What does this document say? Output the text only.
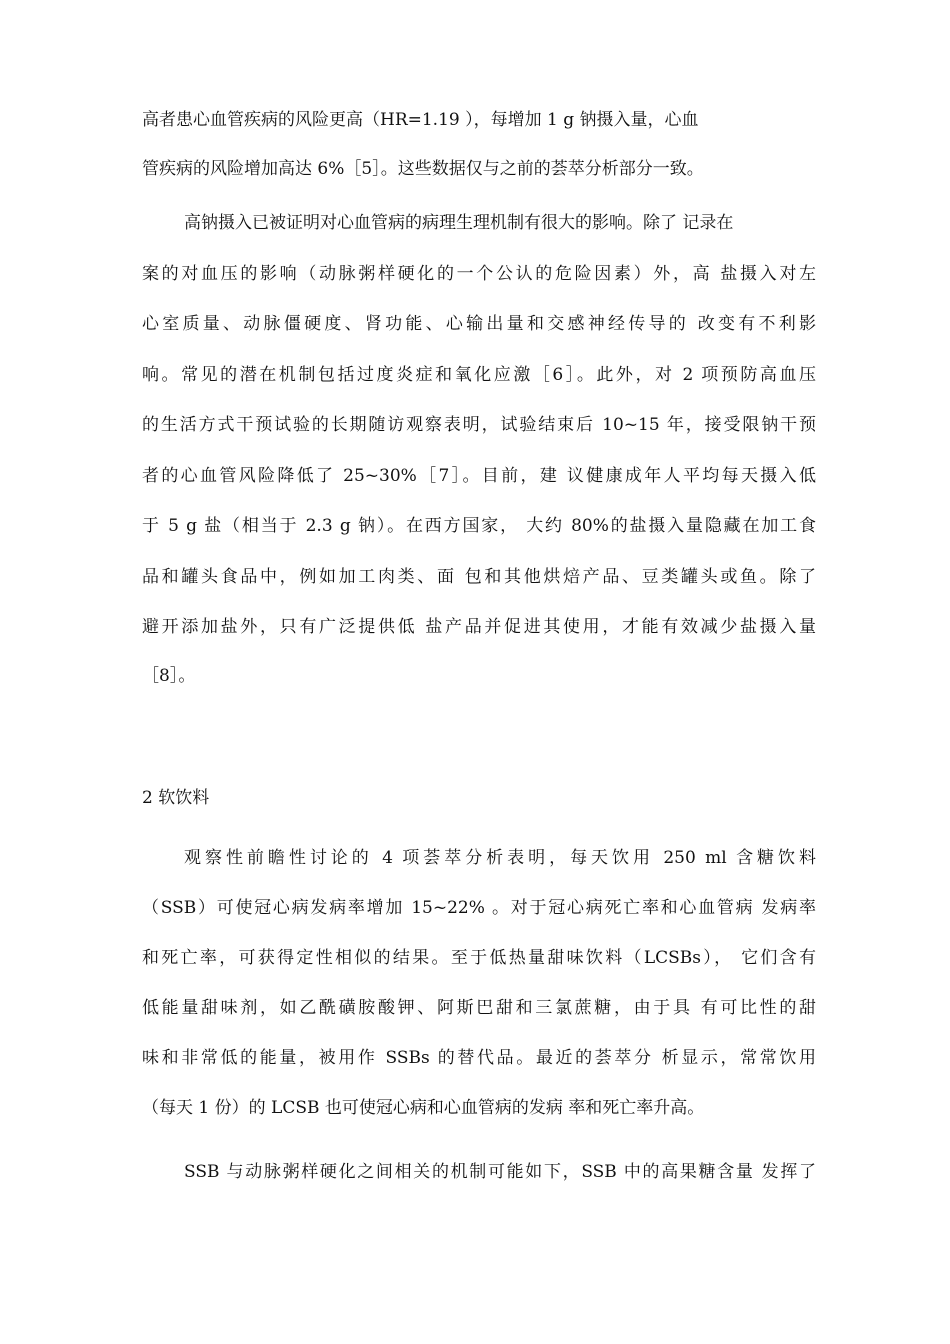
高者患心血管疾病的风险更高（HR=1.19 ），每增加 1 g 钠摄入量，心血
管疾病的风险增加高达 6%［5］。这些数据仅与之前的荟萃分析部分一致。
高钠摄入已被证明对心血管病的病理生理机制有很大的影响。除了 记录在
案的对血压的影响（动脉粥样硬化的一个公认的危险因素）外，高 盐摄入对左
心室质量、动脉僵硬度、肾功能、心输出量和交感神经传导的 改变有不利影
响。常见的潜在机制包括过度炎症和氧化应激［6］。此外，对 2 项预防高血压
的生活方式干预试验的长期随访观察表明，试验结束后 10~15 年，接受限钠干预
者的心血管风险降低了 25~30%［7］。目前，建 议健康成年人平均每天摄入低
于 5 g 盐（相当于 2.3 g 钠）。在西方国家， 大约 80%的盐摄入量隐藏在加工食
品和罐头食品中，例如加工肉类、面 包和其他烘焙产品、豆类罐头或鱼。除了
避开添加盐外，只有广泛提供低 盐产品并促进其使用，才能有效减少盐摄入量
［8］。
2 软饮料
观察性前瞻性讨论的 4 项荟萃分析表明，每天饮用 250 ml 含糖饮料
（SSB）可使冠心病发病率增加 15~22% 。对于冠心病死亡率和心血管病 发病率
和死亡率，可获得定性相似的结果。至于低热量甜味饮料（LCSBs）， 它们含有
低能量甜味剂，如乙酰磺胺酸钾、阿斯巴甜和三氯蔗糖，由于具 有可比性的甜
味和非常低的能量，被用作 SSBs 的替代品。最近的荟萃分 析显示，常常饮用
（每天 1 份）的 LCSB 也可使冠心病和心血管病的发病 率和死亡率升高。
SSB 与动脉粥样硬化之间相关的机制可能如下，SSB 中的高果糖含量 发挥了
